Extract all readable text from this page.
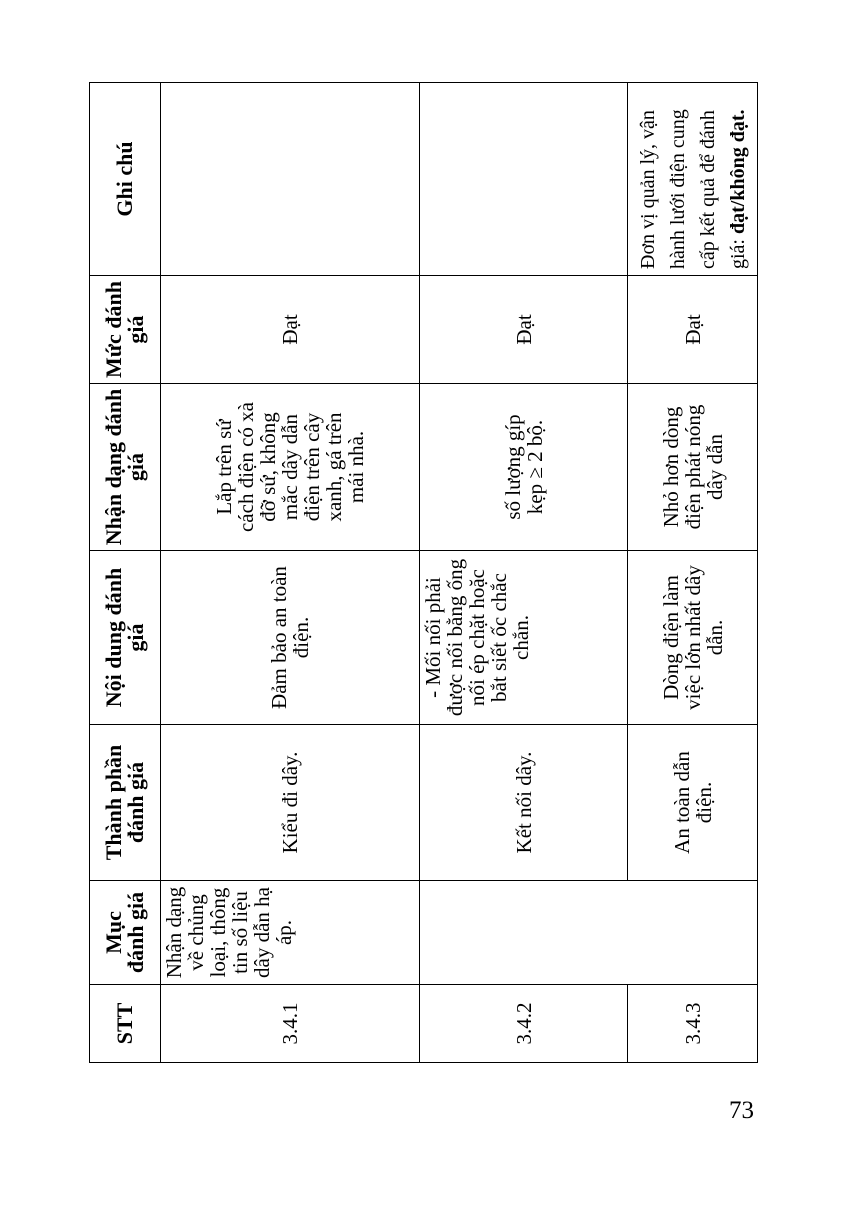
STT	Mục đánh giá	Thành phần đánh giá	Nội dung đánh giá	Nhận dạng đánh giá	Mức đánh giá	Ghi chú
3.4.1	Nhận dạng về chủng loại, thông tin số liệu dây dẫn hạ áp.	Kiểu đi dây.	Đảm bảo an toàn điện.	Lắp trên sứ cách điện có xà đỡ sứ, không mắc dây dẫn điện trên cây xanh, gá trên mái nhà.	Đạt	
3.4.2		Kết nối dây.	- Mối nối phải được nối bằng ống nối ép chặt hoặc bắt siết ốc chắc chắn.	số lượng gíp kẹp ≥ 2 bộ.	Đạt	
3.4.3		An toàn dẫn điện.	Dòng điện làm việc lớn nhất dây dẫn.	Nhỏ hơn dòng điện phát nóng dây dẫn	Đạt	Đơn vị quản lý, vận hành lưới điện cung cấp kết quả để đánh giá: đạt/không đạt.
73
